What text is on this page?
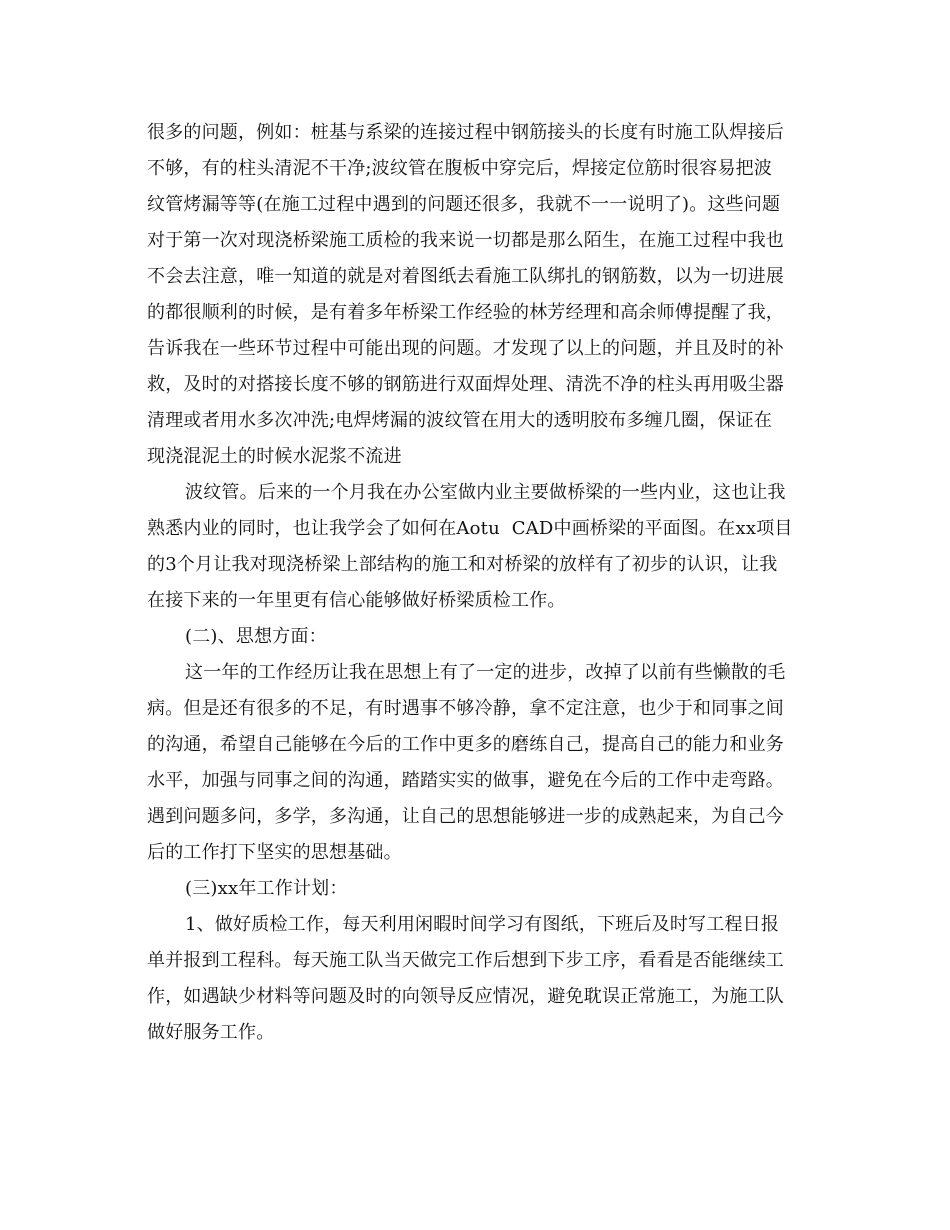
很多的问题，例如：桩基与系梁的连接过程中钢筋接头的长度有时施工队焊接后
不够，有的柱头清泥不干净;波纹管在腹板中穿完后，焊接定位筋时很容易把波
纹管烤漏等等(在施工过程中遇到的问题还很多，我就不一一说明了)。这些问题
对于第一次对现浇桥梁施工质检的我来说一切都是那么陌生，在施工过程中我也
不会去注意，唯一知道的就是对着图纸去看施工队绑扎的钢筋数，以为一切进展
的都很顺利的时候，是有着多年桥梁工作经验的林芳经理和高余师傅提醒了我，
告诉我在一些环节过程中可能出现的问题。才发现了以上的问题，并且及时的补
救，及时的对搭接长度不够的钢筋进行双面焊处理、清洗不净的柱头再用吸尘器
清理或者用水多次冲洗;电焊烤漏的波纹管在用大的透明胶布多缠几圈，保证在
现浇混泥土的时候水泥浆不流进
波纹管。后来的一个月我在办公室做内业主要做桥梁的一些内业，这也让我
熟悉内业的同时，也让我学会了如何在Aotu  CAD中画桥梁的平面图。在xx项目
的3个月让我对现浇桥梁上部结构的施工和对桥梁的放样有了初步的认识，让我
在接下来的一年里更有信心能够做好桥梁质检工作。
(二)、思想方面：
这一年的工作经历让我在思想上有了一定的进步，改掉了以前有些懒散的毛
病。但是还有很多的不足，有时遇事不够冷静，拿不定注意，也少于和同事之间
的沟通，希望自己能够在今后的工作中更多的磨练自己，提高自己的能力和业务
水平，加强与同事之间的沟通，踏踏实实的做事，避免在今后的工作中走弯路。
遇到问题多问，多学，多沟通，让自己的思想能够进一步的成熟起来，为自己今
后的工作打下坚实的思想基础。
(三)xx年工作计划：
1、做好质检工作，每天利用闲暇时间学习有图纸，下班后及时写工程日报
单并报到工程科。每天施工队当天做完工作后想到下步工序，看看是否能继续工
作，如遇缺少材料等问题及时的向领导反应情况，避免耽误正常施工，为施工队
做好服务工作。
